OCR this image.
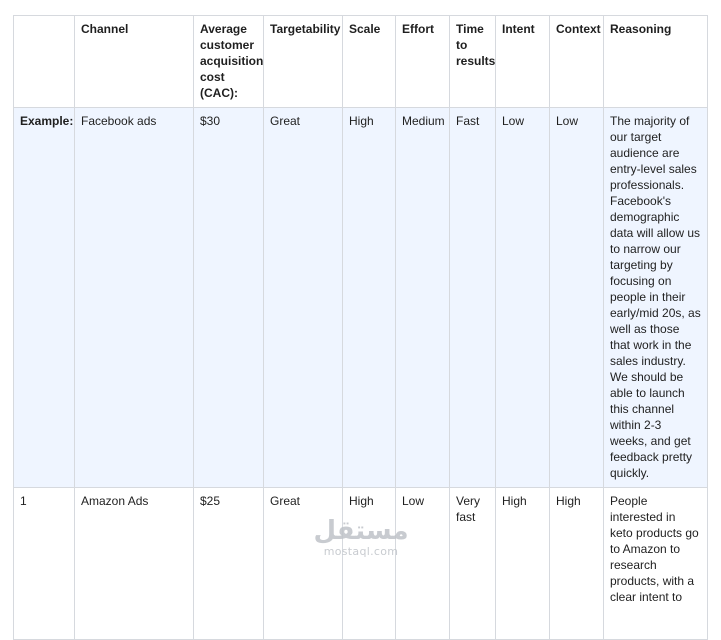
	Channel	Average customer acquisition cost (CAC):	Targetability	Scale	Effort	Time to results	Intent	Context	Reasoning
Example:	Facebook ads	$30	Great	High	Medium	Fast	Low	Low	The majority of our target audience are entry-level sales professionals. Facebook's demographic data will allow us to narrow our targeting by focusing on people in their early/mid 20s, as well as those that work in the sales industry. We should be able to launch this channel within 2-3 weeks, and get feedback pretty quickly.
1	Amazon Ads	$25	Great	High	Low	Very fast	High	High	People interested in keto products go to Amazon to research products, with a clear intent to
مستقل
mostaql.com
